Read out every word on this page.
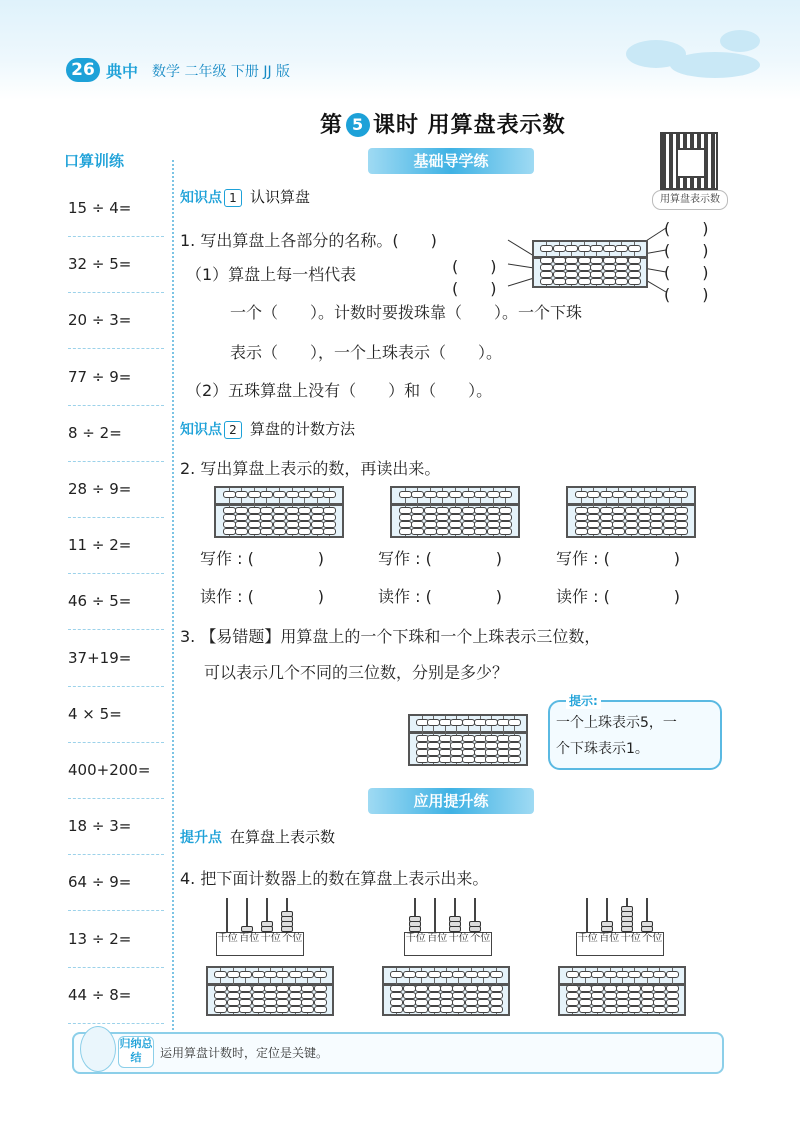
26 典中 数学 二年级 下册 JJ 版
第 5 课时 用算盘表示数
用算盘表示数
口算训练
15 ÷ 4=
32 ÷ 5=
20 ÷ 3=
77 ÷ 9=
8 ÷ 2=
28 ÷ 9=
11 ÷ 2=
46 ÷ 5=
37+19=
4 × 5=
400+200=
18 ÷ 3=
64 ÷ 9=
13 ÷ 2=
44 ÷ 8=
基础导学练
知识点 1 认识算盘
1. 写出算盘上各部分的名称。(　　)
(　　)
(　　)
(　　)
(　　)
(　　)
(　　)
（1）算盘上每一档代表
一个（　　）。计数时要拨珠靠（　　）。一个下珠
表示（　　），一个上珠表示（　　）。
（2）五珠算盘上没有（　　）和（　　）。
知识点 2 算盘的计数方法
2. 写出算盘上表示的数，再读出来。
写作 : (　　　　)	写作 : (　　　　)	写作 : (　　　　)
读作 : (　　　　)	读作 : (　　　　)	读作 : (　　　　)
3. 【易错题】用算盘上的一个下珠和一个上珠表示三位数，
可以表示几个不同的三位数，分别是多少？
提示:
一个上珠表示5，一
个下珠表示1。
应用提升练
提升点 在算盘上表示数
4. 把下面计数器上的数在算盘上表示出来。
千位 百位 十位 个位	千位 百位 十位 个位	千位 百位 十位 个位
归纳总结	运用算盘计数时，定位是关键。
